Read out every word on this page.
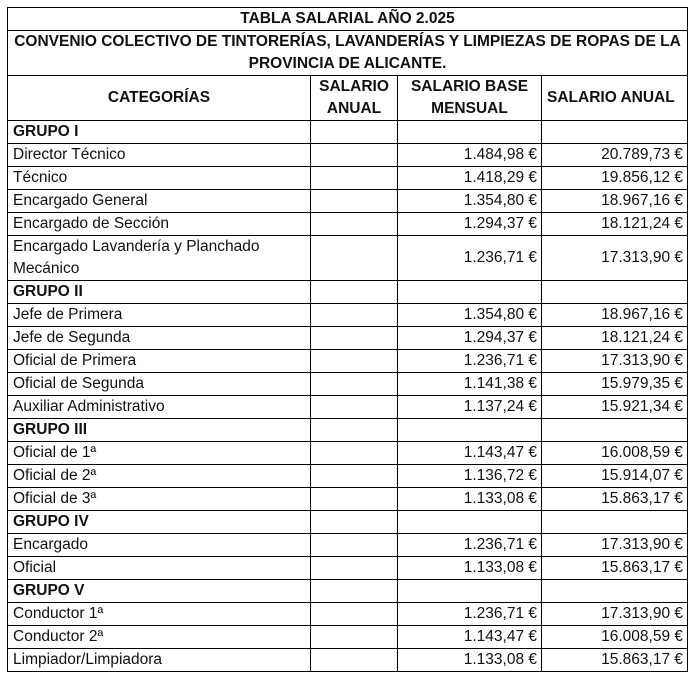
TABLA SALARIAL AÑO 2.025			
CONVENIO COLECTIVO DE TINTORERÍAS, LAVANDERÍAS Y LIMPIEZAS DE ROPAS DE LA PROVINCIA DE ALICANTE.			
CATEGORÍAS	SALARIO ANUAL	SALARIO BASE MENSUAL	SALARIO ANUAL
GRUPO I			
Director Técnico		1.484,98 €	20.789,73 €
Técnico		1.418,29 €	19.856,12 €
Encargado General		1.354,80 €	18.967,16 €
Encargado de Sección		1.294,37 €	18.121,24 €
Encargado Lavandería y Planchado Mecánico		1.236,71 €	17.313,90 €
GRUPO II			
Jefe de Primera		1.354,80 €	18.967,16 €
Jefe de Segunda		1.294,37 €	18.121,24 €
Oficial de Primera		1.236,71 €	17.313,90 €
Oficial de Segunda		1.141,38 €	15.979,35 €
Auxiliar Administrativo		1.137,24 €	15.921,34 €
GRUPO III			
Oficial de 1ª		1.143,47 €	16.008,59 €
Oficial de 2ª		1.136,72 €	15.914,07 €
Oficial de 3ª		1.133,08 €	15.863,17 €
GRUPO IV			
Encargado		1.236,71 €	17.313,90 €
Oficial		1.133,08 €	15.863,17 €
GRUPO V			
Conductor 1ª		1.236,71 €	17.313,90 €
Conductor 2ª		1.143,47 €	16.008,59 €
Limpiador/Limpiadora		1.133,08 €	15.863,17 €
